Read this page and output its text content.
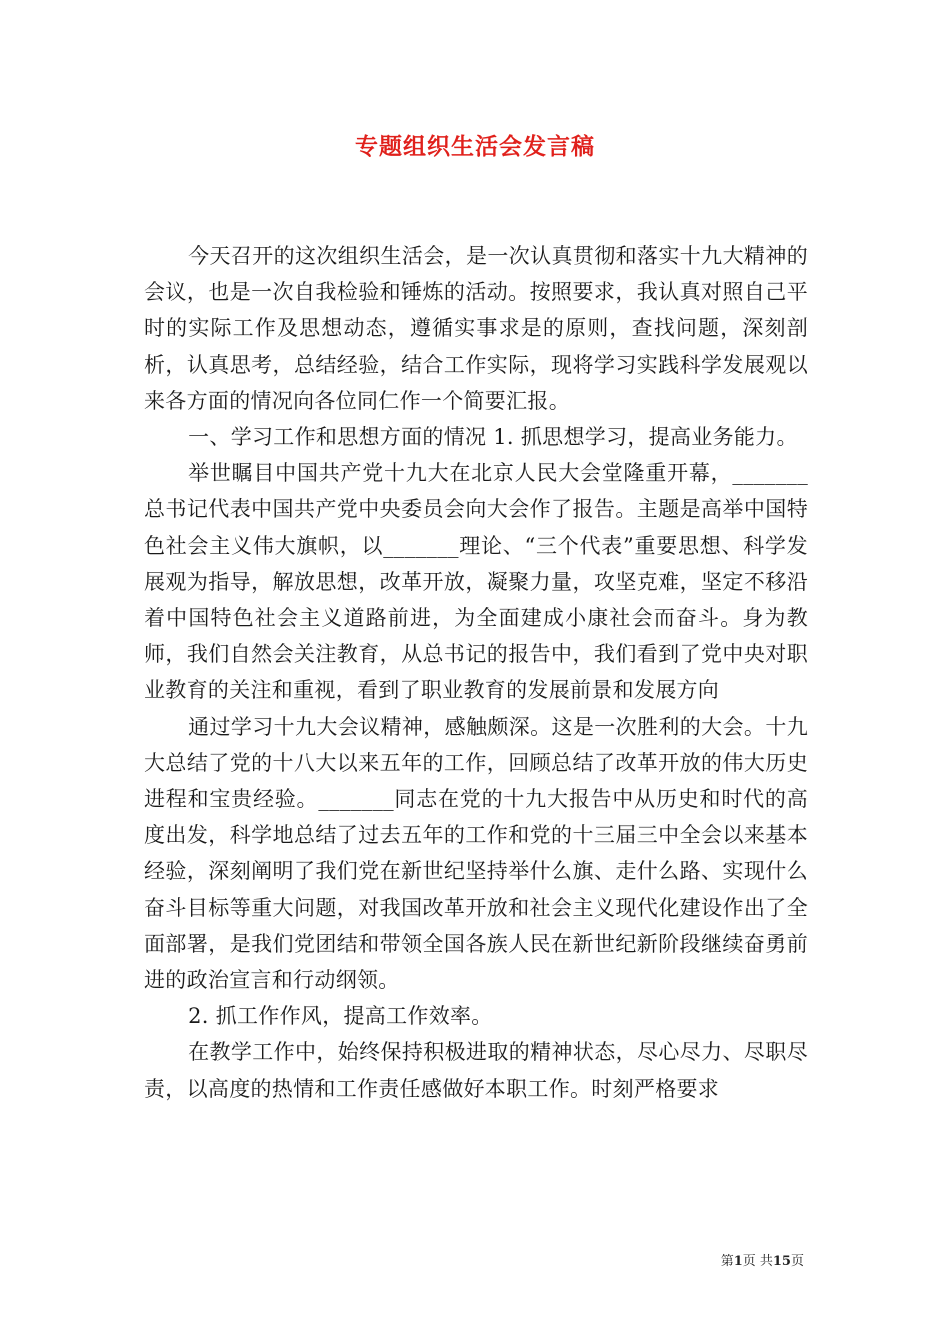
专题组织生活会发言稿

今天召开的这次组织生活会，是一次认真贯彻和落实十九大精神的会议，也是一次自我检验和锤炼的活动。按照要求，我认真对照自己平时的实际工作及思想动态，遵循实事求是的原则，查找问题，深刻剖析，认真思考，总结经验，结合工作实际，现将学习实践科学发展观以来各方面的情况向各位同仁作一个简要汇报。

一、学习工作和思想方面的情况 1. 抓思想学习，提高业务能力。

举世瞩目中国共产党十九大在北京人民大会堂隆重开幕，_______总书记代表中国共产党中央委员会向大会作了报告。主题是高举中国特色社会主义伟大旗帜，以_______理论、“三个代表”重要思想、科学发展观为指导，解放思想，改革开放，凝聚力量，攻坚克难，坚定不移沿着中国特色社会主义道路前进，为全面建成小康社会而奋斗。身为教师，我们自然会关注教育，从总书记的报告中，我们看到了党中央对职业教育的关注和重视，看到了职业教育的发展前景和发展方向

通过学习十九大会议精神，感触颇深。这是一次胜利的大会。十九大总结了党的十八大以来五年的工作，回顾总结了改革开放的伟大历史进程和宝贵经验。_______同志在党的十九大报告中从历史和时代的高度出发，科学地总结了过去五年的工作和党的十三届三中全会以来基本经验，深刻阐明了我们党在新世纪坚持举什么旗、走什么路、实现什么奋斗目标等重大问题，对我国改革开放和社会主义现代化建设作出了全面部署，是我们党团结和带领全国各族人民在新世纪新阶段继续奋勇前进的政治宣言和行动纲领。

2. 抓工作作风，提高工作效率。

在教学工作中，始终保持积极进取的精神状态，尽心尽力、尽职尽责，以高度的热情和工作责任感做好本职工作。时刻严格要求

第1页 共15页
